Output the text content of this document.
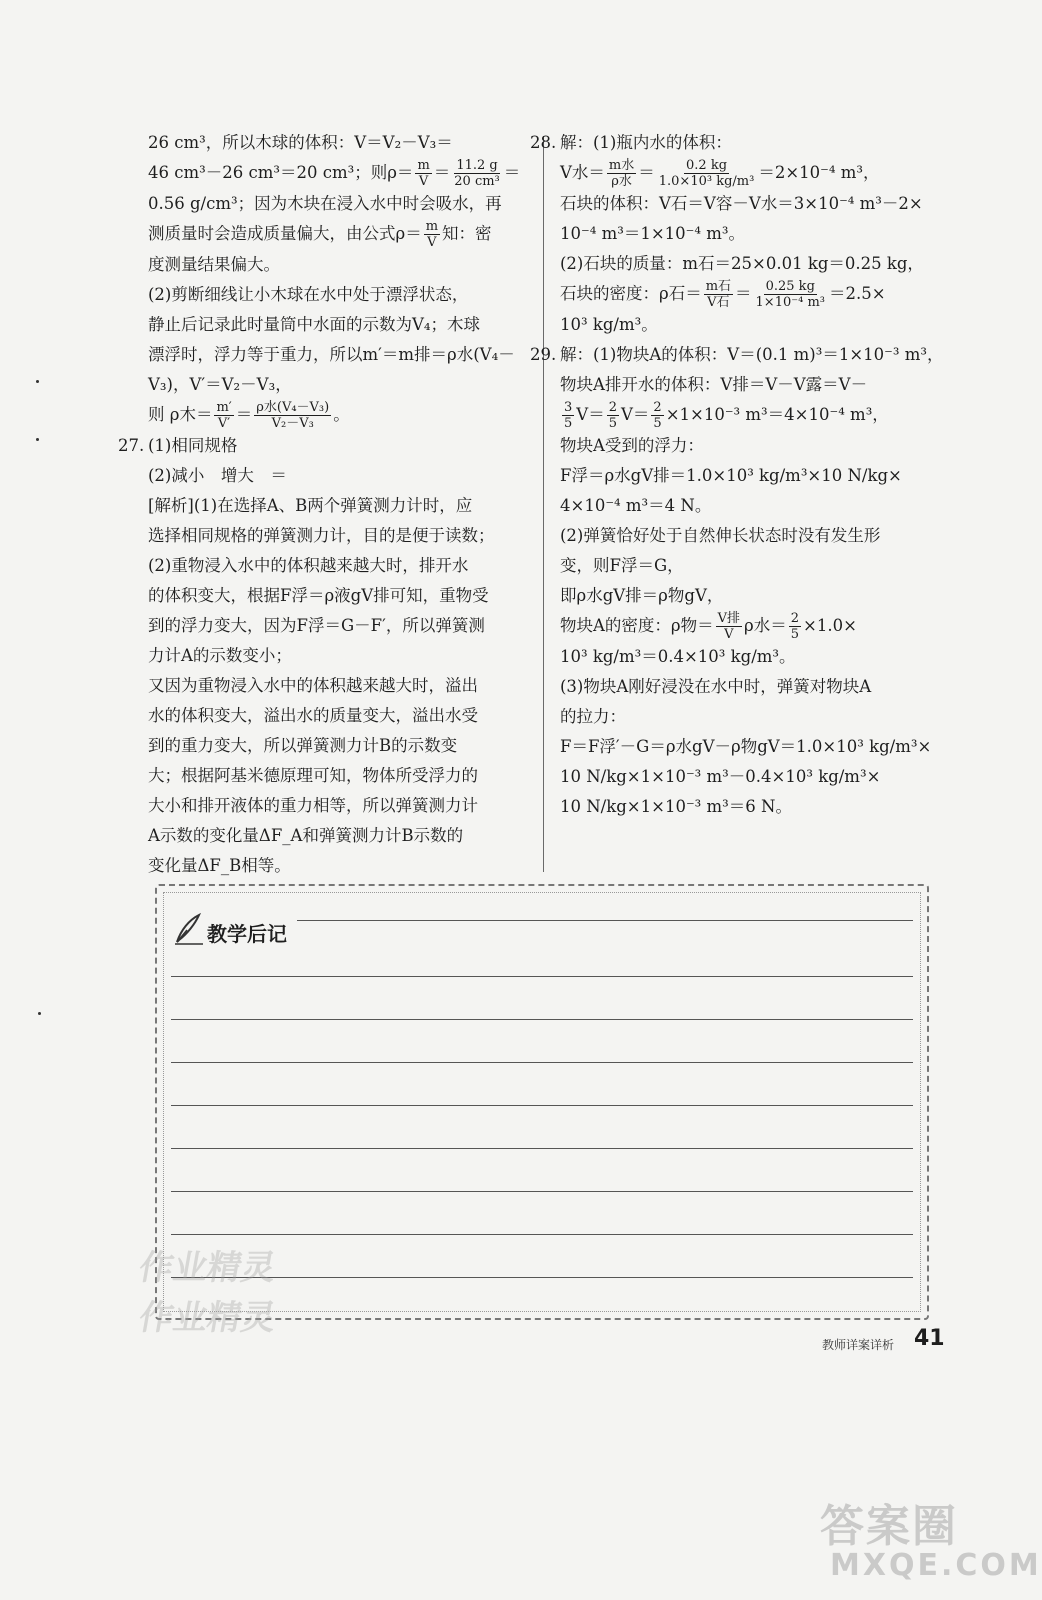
26 cm³，所以木球的体积：V＝V₂－V₃＝
46 cm³－26 cm³＝20 cm³；则$\rho= \frac{m}{V} = \frac{11.2 g}{\text{20 cm³}}$ ＝
0.56 g/cm³；因为木块在浸入水中时会吸水，再
测质量时会造成质量偏大，由公式$\rho= \frac{m}{V}$ 知：密
度测量结果偏大。
(2)剪断细线让小木球在水中处于漂浮状态，
静止后记录此时量筒中水面的示数为V₄；木球
漂浮时，浮力等于重力，所以m′＝m排＝ρ水(V₄－
V₃)，V′＝V₂－V₃，
则 ρ木＝ $\frac{m'}{V'} = \frac{\text{ρ水(V₄－V₃)}}{\text{V₂－V₃}}$ 。
27. (1)相同规格
(2)减小　增大　＝
[解析](1)在选择A、B两个弹簧测力计时，应
选择相同规格的弹簧测力计，目的是便于读数；
(2)重物浸入水中的体积越来越大时，排开水
的体积变大，根据F浮＝ρ液gV排可知，重物受
到的浮力变大，因为F浮＝G－F′，所以弹簧测
力计A的示数变小；
又因为重物浸入水中的体积越来越大时，溢出
水的体积变大，溢出水的质量变大，溢出水受
到的重力变大，所以弹簧测力计B的示数变
大；根据阿基米德原理可知，物体所受浮力的
大小和排开液体的重力相等，所以弹簧测力计
A示数的变化量ΔF_A和弹簧测力计B示数的
变化量ΔF_B相等。
28. 解：(1)瓶内水的体积：
V水＝ $\frac{\text{m水}}{\text{ρ水}} = \frac{0.2 kg}{\text{1.0×10³ kg/m³}} =2\times 10^{-4}$ m³，
石块的体积：V石＝V容－V水＝3×10⁻⁴ m³－2×
10⁻⁴ m³＝1×10⁻⁴ m³。
(2)石块的质量：m石＝25×0.01 kg＝0.25 kg，
石块的密度：ρ石＝ $\frac{\text{m石}}{\text{V石}} = \frac{0.25 kg}{\text{1×10⁻⁴ m³}} =2.5\times$
10³ kg/m³。
29. 解：(1)物块A的体积：V＝(0.1 m)³＝1×10⁻³ m³，
物块A排开水的体积：V排＝V－V露＝V－
$\frac{3}{5} V= \frac{2}{5} V= \frac{2}{5} \times 1\times 10^{-3}$ m³＝4×10⁻⁴ m³，
物块A受到的浮力：
F浮＝ρ水gV排＝1.0×10³ kg/m³×10 N/kg×
4×10⁻⁴ m³＝4 N。
(2)弹簧恰好处于自然伸长状态时没有发生形
变，则F浮＝G，
即ρ水gV排＝ρ物gV，
物块A的密度：ρ物＝ $\frac{\text{V排}}{V}$ ρ水＝ $\frac{2}{5} \times 1.0\times$
10³ kg/m³＝0.4×10³ kg/m³。
(3)物块A刚好浸没在水中时，弹簧对物块A
的拉力：
F＝F浮′－G＝ρ水gV－ρ物gV＝1.0×10³ kg/m³×
10 N/kg×1×10⁻³ m³－0.4×10³ kg/m³×
10 N/kg×1×10⁻³ m³＝6 N。
教学后记
作业精灵
作业精灵
教师详案详析 41
答案圈
MXQE.COM
